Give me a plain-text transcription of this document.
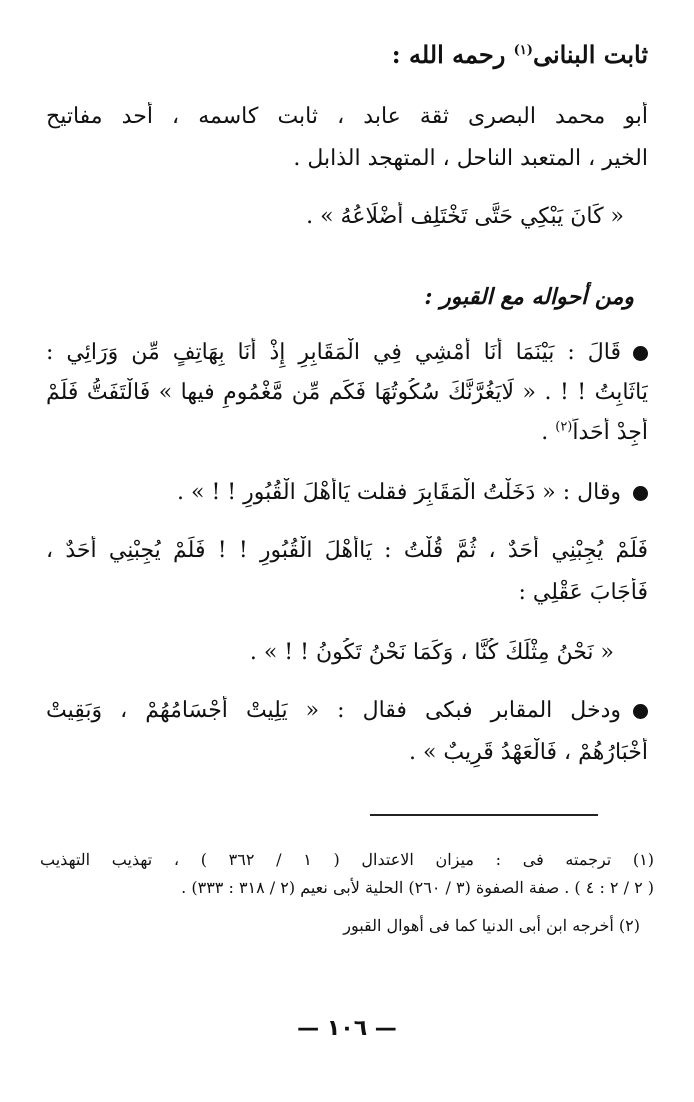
ثابت البنانى$^{(١)}$ رحمه الله :
أبو محمد البصرى ثقة عابد ، ثابت كاسمه ، أحد مفاتيح
الخير ، المتعبد الناحل ، المتهجد الذابل .
« كَانَ يَبْكِي حَتَّى تَخْتَلِف أَضْلَاعُهُ » .
ومن أحواله مع القبور :
قَالَ : بَيْنَمَا أَنَا أَمْشِي فِي الْمَقَابِرِ إِذْ أَنَا بِهَاتِفٍ مِّن وَرَائِي :
يَاثَابِتُ ! ! . « لَايَغُرَّنَّكَ سُكُوتُهَا فَكَم مِّن مَّغْمُومٍ فيها » فَالْتَفَتُّ فَلَمْ
أَجِدْ أَحَداً$^{(٢)}$ .
وقال : « دَخَلْتُ الْمَقَابِرَ فقلت يَاأَهْلَ الْقُبُورِ ! ! » .
فَلَمْ يُجِبْنِي أَحَدٌ ، ثُمَّ قُلْتُ : يَاأَهْلَ الْقُبُورِ ! ! فَلَمْ يُجِبْنِي أَحَدٌ ،
فَأَجَابَ عَقْلِي :
« نَحْنُ مِثْلَكَ كُنَّا ، وَكَمَا نَحْنُ تَكُونُ ! ! » .
ودخل المقابر فبكى فقال : « يَلِيتْ أَجْسَامُهُمْ ، وَبَقِيتْ
أَخْبَارُهُمْ ، فَالْعَهْدُ قَرِيبٌ » .
(١) ترجمته فى : ميزان الاعتدال ( ١ / ٣٦٢ ) ، تهذيب التهذيب
( ٢ / ٢ : ٤ ) . صفة الصفوة (٣ / ٢٦٠) الحلية لأبى نعيم (٢ / ٣١٨ : ٣٣٣) .
(٢) أخرجه ابن أبى الدنيا كما فى أهوال القبور
— ١٠٦ —
